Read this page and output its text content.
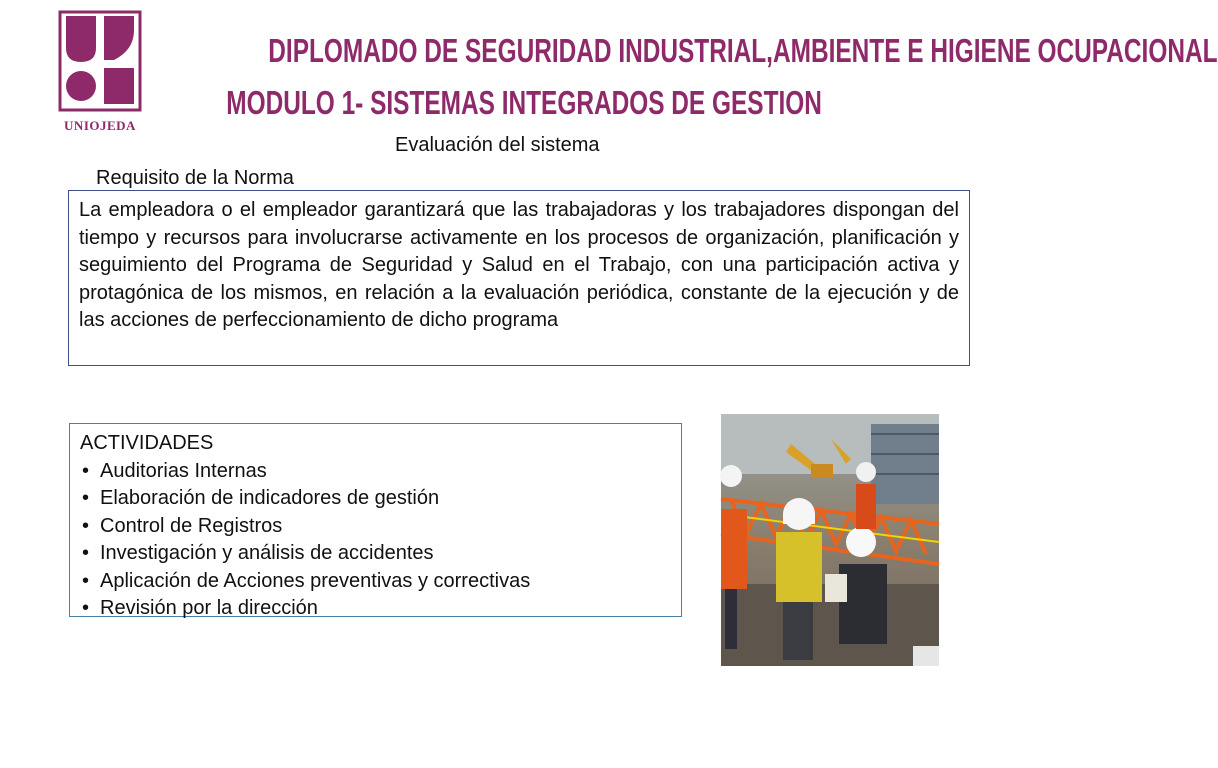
UNIOJEDA
DIPLOMADO DE SEGURIDAD INDUSTRIAL,AMBIENTE E HIGIENE OCUPACIONAL
MODULO 1- SISTEMAS INTEGRADOS DE GESTION
Evaluación del sistema
Requisito de la Norma
La empleadora o el empleador garantizará que las trabajadoras y los trabajadores dispongan del tiempo y recursos para involucrarse activamente en los procesos de organización, planificación y seguimiento del Programa de Seguridad y Salud en el Trabajo, con una participación activa y protagónica de los mismos, en relación a la evaluación periódica, constante de la ejecución y de las acciones de perfeccionamiento de dicho programa
ACTIVIDADES
• Auditorias Internas
• Elaboración de indicadores de gestión
• Control de Registros
• Investigación y análisis de accidentes
• Aplicación de Acciones preventivas y correctivas
• Revisión por la dirección
